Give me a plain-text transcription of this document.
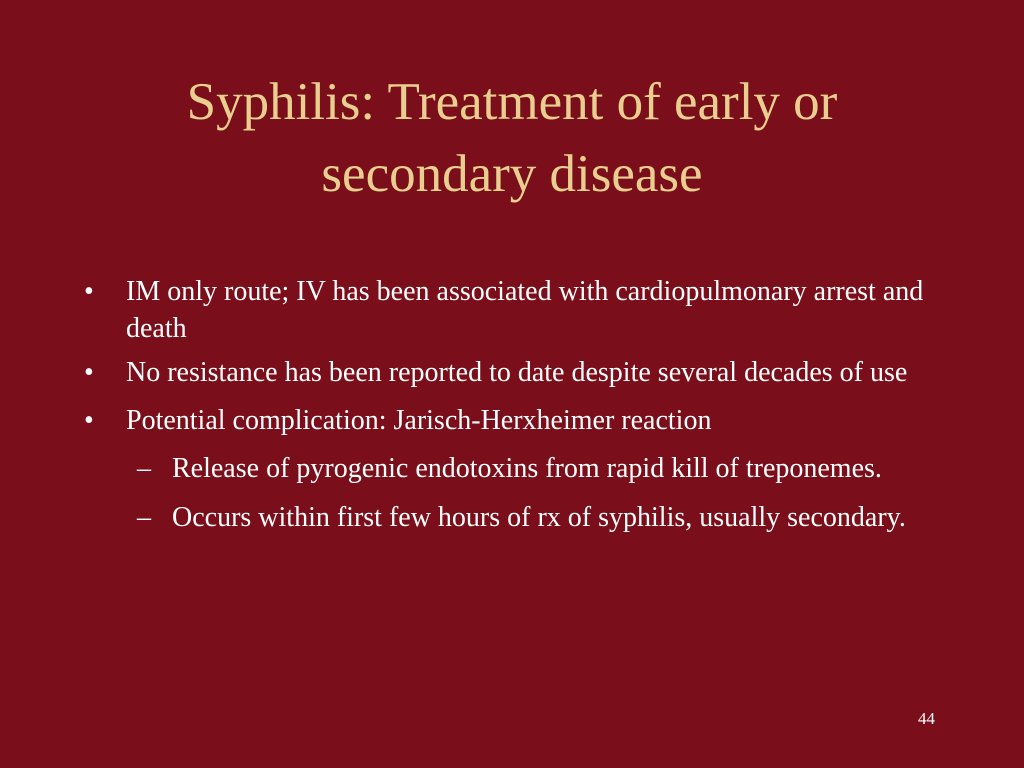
Syphilis: Treatment of early or
secondary disease
•	IM only route; IV has been associated with cardiopulmonary arrest and death
•	No resistance has been reported to date despite several decades of use
•	Potential complication: Jarisch-Herxheimer reaction
– Release of pyrogenic endotoxins from rapid kill of treponemes.
– Occurs within first few hours of rx of syphilis, usually secondary.
44
